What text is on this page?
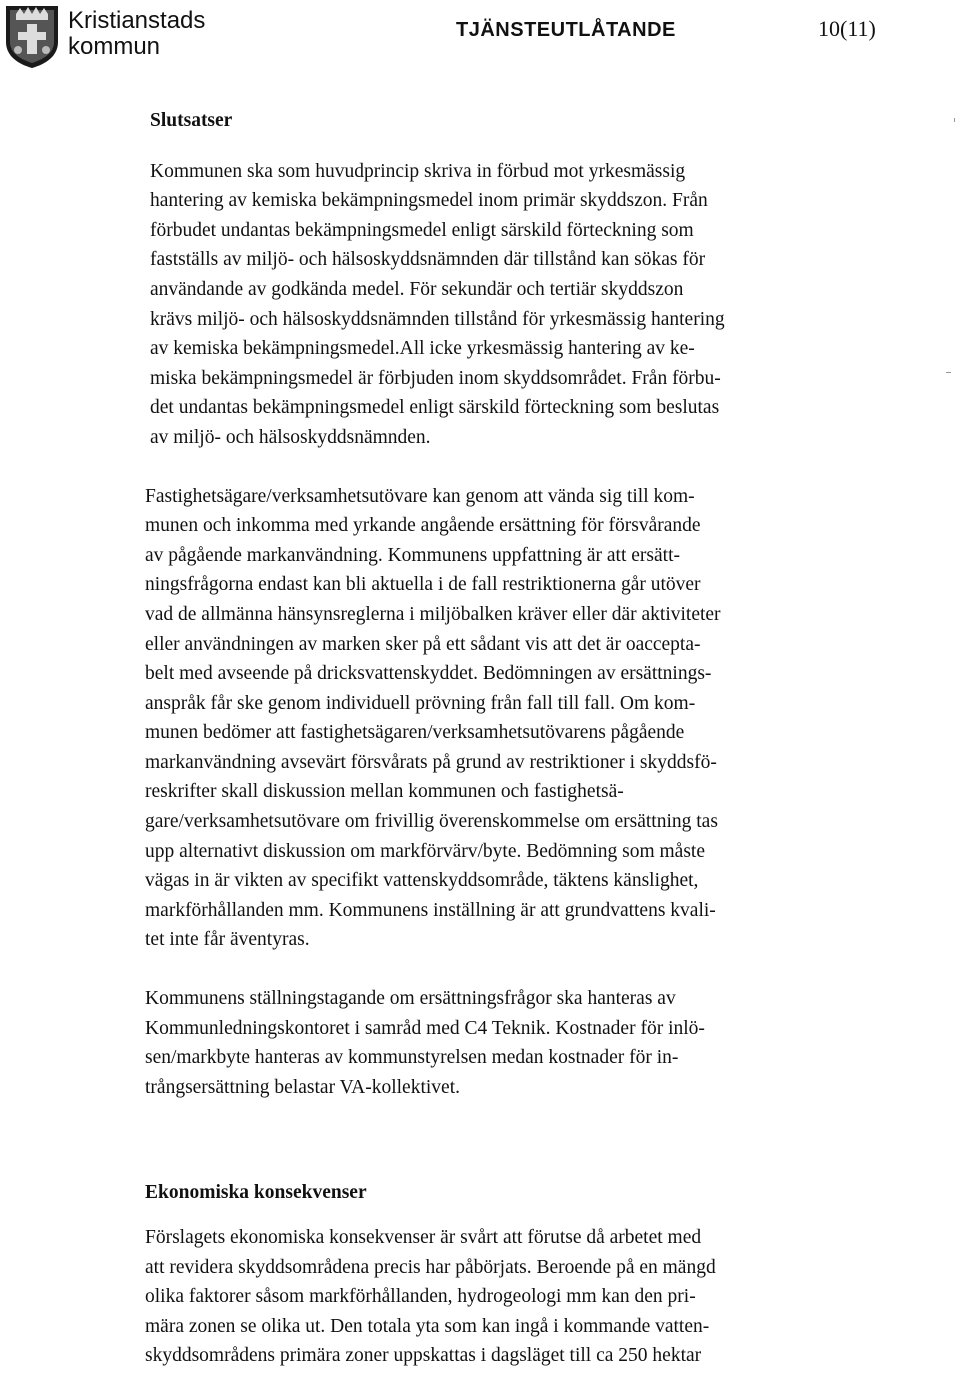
Kristianstads
kommun
TJÄNSTEUTLÅTANDE	10(11)
Slutsatser
Kommunen ska som huvudprincip skriva in förbud mot yrkesmässig
hantering av kemiska bekämpningsmedel inom primär skyddszon. Från
förbudet undantas bekämpningsmedel enligt särskild förteckning som
fastställs av miljö- och hälsoskyddsnämnden där tillstånd kan sökas för
användande av godkända medel. För sekundär och tertiär skyddszon
krävs miljö- och hälsoskyddsnämnden tillstånd för yrkesmässig hantering
av kemiska bekämpningsmedel.All icke yrkesmässig hantering av ke-
miska bekämpningsmedel är förbjuden inom skyddsområdet. Från förbu-
det undantas bekämpningsmedel enligt särskild förteckning som beslutas
av miljö- och hälsoskyddsnämnden.
Fastighetsägare/verksamhetsutövare kan genom att vända sig till kom-
munen och inkomma med yrkande angående ersättning för försvårande
av pågående markanvändning. Kommunens uppfattning är att ersätt-
ningsfrågorna endast kan bli aktuella i de fall restriktionerna går utöver
vad de allmänna hänsynsreglerna i miljöbalken kräver eller där aktiviteter
eller användningen av marken sker på ett sådant vis att det är oaccepta-
belt med avseende på dricksvattenskyddet. Bedömningen av ersättnings-
anspråk får ske genom individuell prövning från fall till fall. Om kom-
munen bedömer att fastighetsägaren/verksamhetsutövarens pågående
markanvändning avsevärt försvårats på grund av restriktioner i skyddsfö-
reskrifter skall diskussion mellan kommunen och fastighetsä-
gare/verksamhetsutövare om frivillig överenskommelse om ersättning tas
upp alternativt diskussion om markförvärv/byte. Bedömning som måste
vägas in är vikten av specifikt vattenskyddsområde, täktens känslighet,
markförhållanden mm. Kommunens inställning är att grundvattens kvali-
tet inte får äventyras.
Kommunens ställningstagande om ersättningsfrågor ska hanteras av
Kommunledningskontoret i samråd med C4 Teknik. Kostnader för inlö-
sen/markbyte hanteras av kommunstyrelsen medan kostnader för in-
trångsersättning belastar VA-kollektivet.
Ekonomiska konsekvenser
Förslagets ekonomiska konsekvenser är svårt att förutse då arbetet med
att revidera skyddsområdena precis har påbörjats. Beroende på en mängd
olika faktorer såsom markförhållanden, hydrogeologi mm kan den pri-
mära zonen se olika ut. Den totala yta som kan ingå i kommande vatten-
skyddsområdens primära zoner uppskattas i dagsläget till ca 250 hektar
